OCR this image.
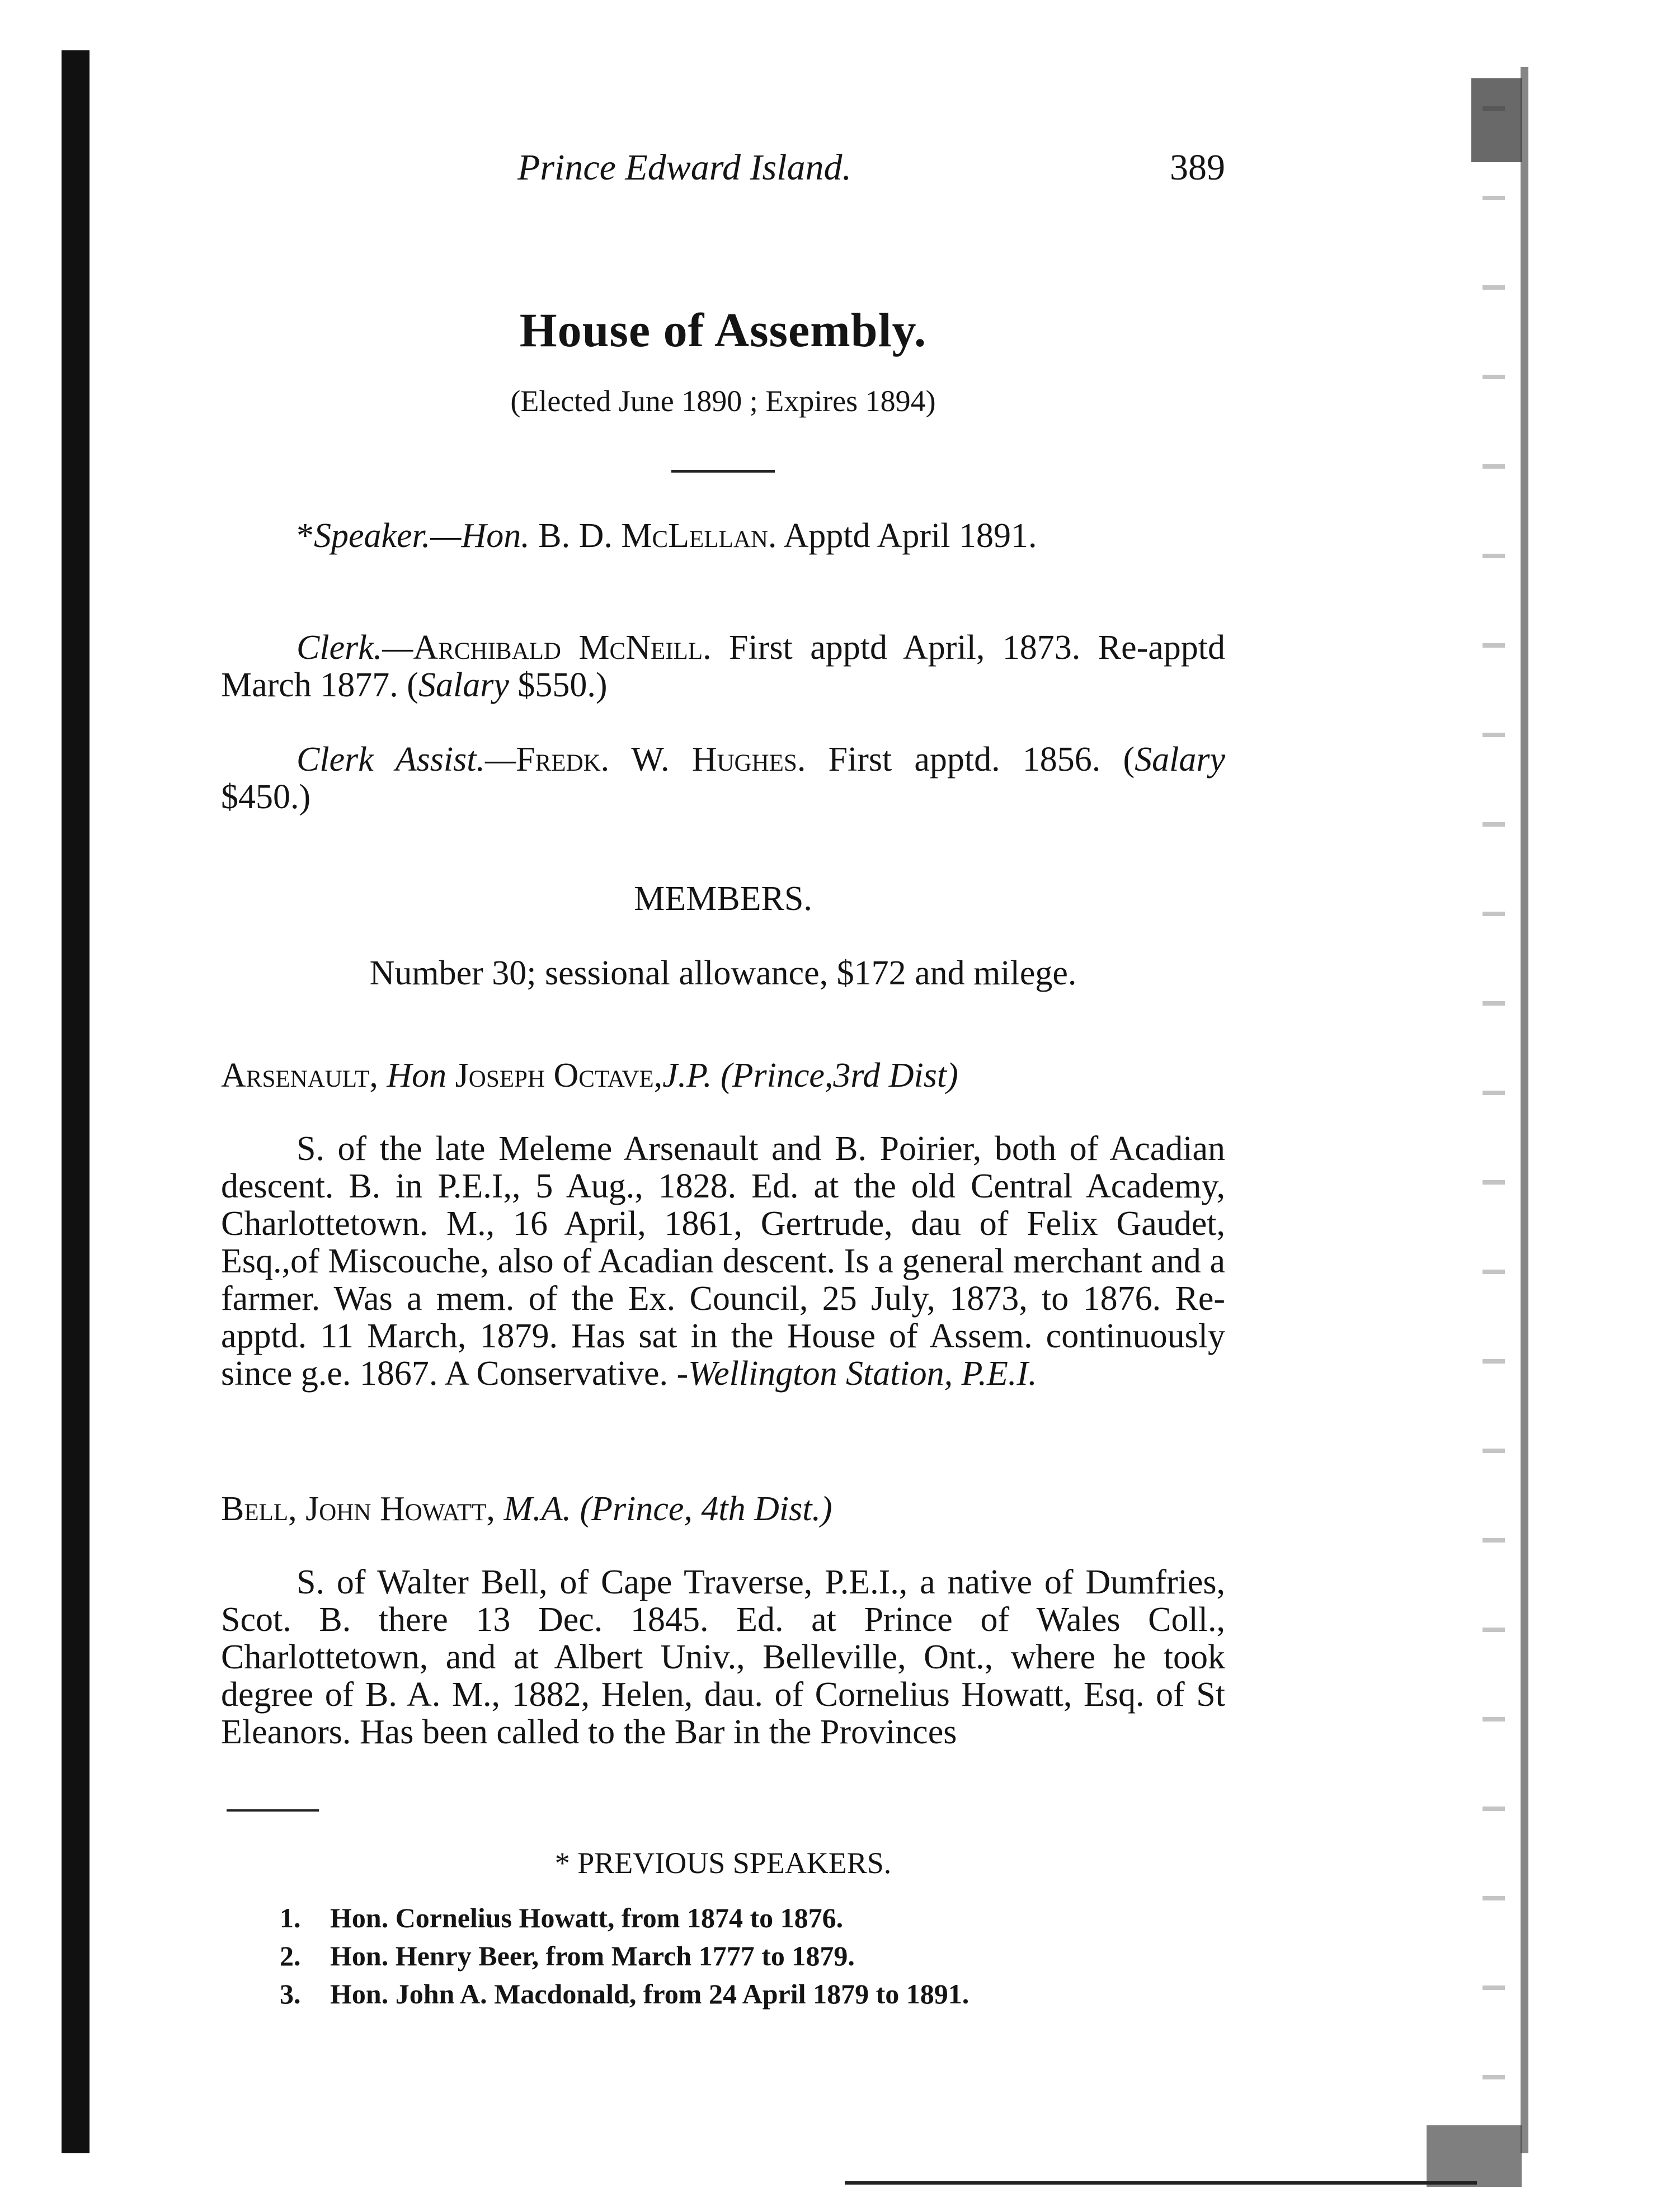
Prince Edward Island.	389
House of Assembly.
(Elected June 1890 ; Expires 1894)

*Speaker.—Hon. B. D. McLellan. Apptd April 1891.

Clerk.—Archibald McNeill. First apptd April, 1873. Re-apptd March 1877. (Salary $550.)

Clerk Assist.—Fredk. W. Hughes. First apptd. 1856. (Salary $450.)

MEMBERS.
Number 30; sessional allowance, $172 and milege.

Arsenault, Hon Joseph Octave,J.P. (Prince,3rd Dist)

S. of the late Meleme Arsenault and B. Poirier, both of Acadian descent. B. in P.E.I,, 5 Aug., 1828. Ed. at the old Central Academy, Charlottetown. M., 16 April, 1861, Gertrude, dau of Felix Gaudet, Esq.,of Miscouche, also of Acadian descent. Is a general merchant and a farmer. Was a mem. of the Ex. Council, 25 July, 1873, to 1876. Re-apptd. 11 March, 1879. Has sat in the House of Assem. continuously since g.e. 1867. A Conservative. -Wellington Station, P.E.I.

Bell, John Howatt, M.A. (Prince, 4th Dist.)

S. of Walter Bell, of Cape Traverse, P.E.I., a native of Dumfries, Scot. B. there 13 Dec. 1845. Ed. at Prince of Wales Coll., Charlottetown, and at Albert Univ., Belleville, Ont., where he took degree of B. A. M., 1882, Helen, dau. of Cornelius Howatt, Esq. of St Eleanors. Has been called to the Bar in the Provinces

* PREVIOUS SPEAKERS.
1. Hon. Cornelius Howatt, from 1874 to 1876.
2. Hon. Henry Beer, from March 1777 to 1879.
3. Hon. John A. Macdonald, from 24 April 1879 to 1891.
